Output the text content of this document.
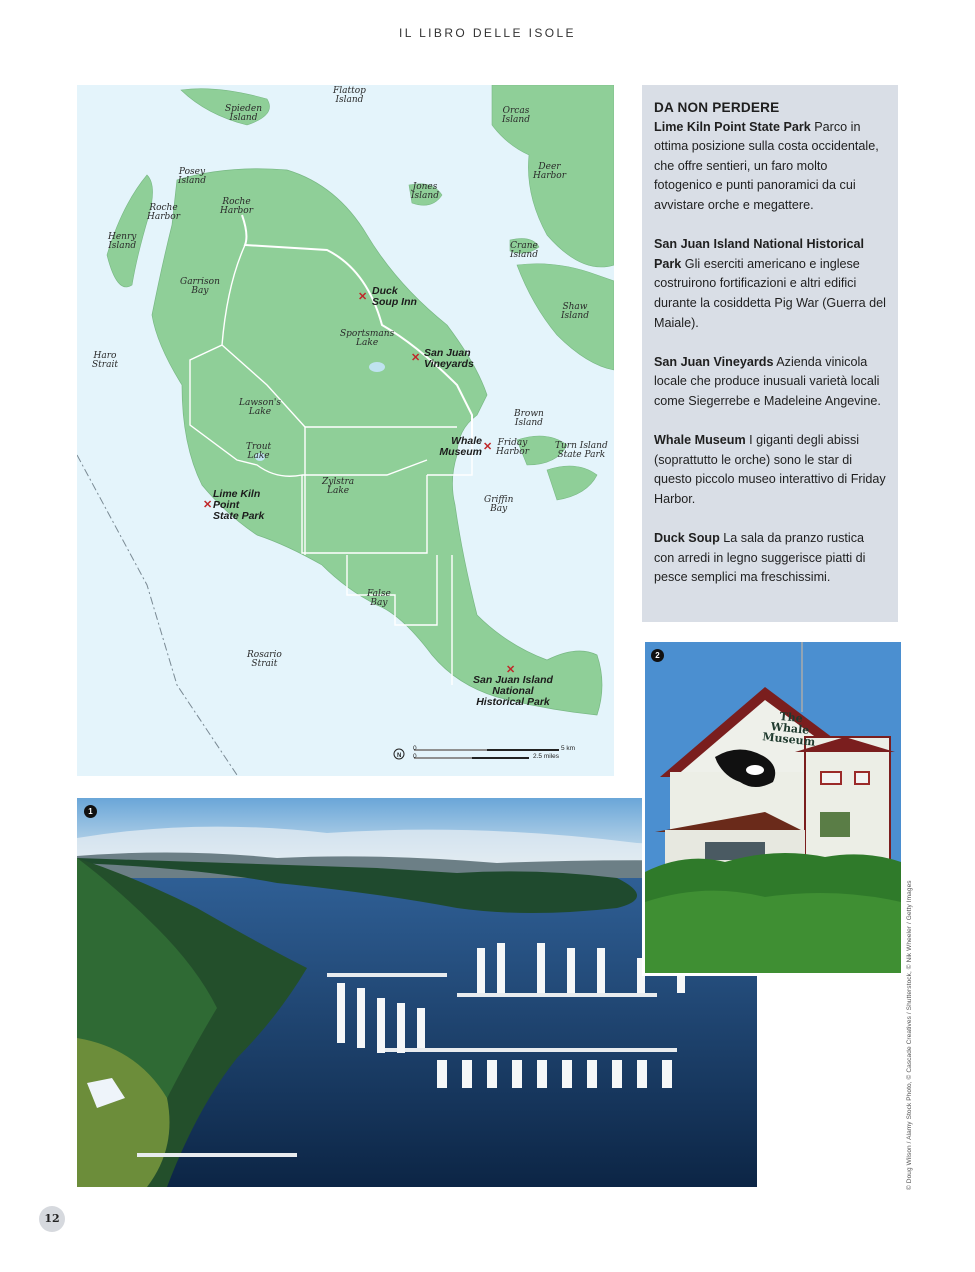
IL LIBRO DELLE ISOLE
Flattop
Island
Spieden
Island
Orcas
Island
Deer
Harbor
Posey
Island
Roche
Harbor
Roche
Harbor
Jones
Island
Henry
Island	Crane
Island
Garrison
Bay
Shaw
Island
Sportsmans
Lake
Haro
Strait
Lawson's
Lake	Brown
Island
Trout
Lake
Friday
Harbor
Turn Island
State Park
Zylstra
Lake
Griffin
Bay
False
Bay
Rosario
Strait
✕ Duck
Soup Inn
✕ San Juan
Vineyards
✕
Whale
Museum
✕
Lime Kiln
Point
State Park
✕
San Juan Island
National
Historical Park
N
0	5 km
0	2.5 miles
DA NON PERDERE

Lime Kiln Point State Park Parco in ottima posizione sulla costa occidentale, che offre sentieri, un faro molto fotogenico e punti panoramici da cui avvistare orche e megattere.

San Juan Island National Historical Park Gli eserciti americano e inglese costruirono fortificazioni e altri edifici durante la cosiddetta Pig War (Guerra del Maiale).

San Juan Vineyards Azienda vinicola locale che produce inusuali varietà locali come Siegerrebe e Madeleine Angevine.

Whale Museum I giganti degli abissi (soprattutto le orche) sono le star di questo piccolo museo interattivo di Friday Harbor.

Duck Soup La sala da pranzo rustica con arredi in legno suggerisce piatti di pesce semplici ma freschissimi.

1
The
Whale
Museum
2
© Doug Wilson / Alamy Stock Photo, © Cascade Creatives / Shutterstock, © Nik Wheeler / Getty Images
12
